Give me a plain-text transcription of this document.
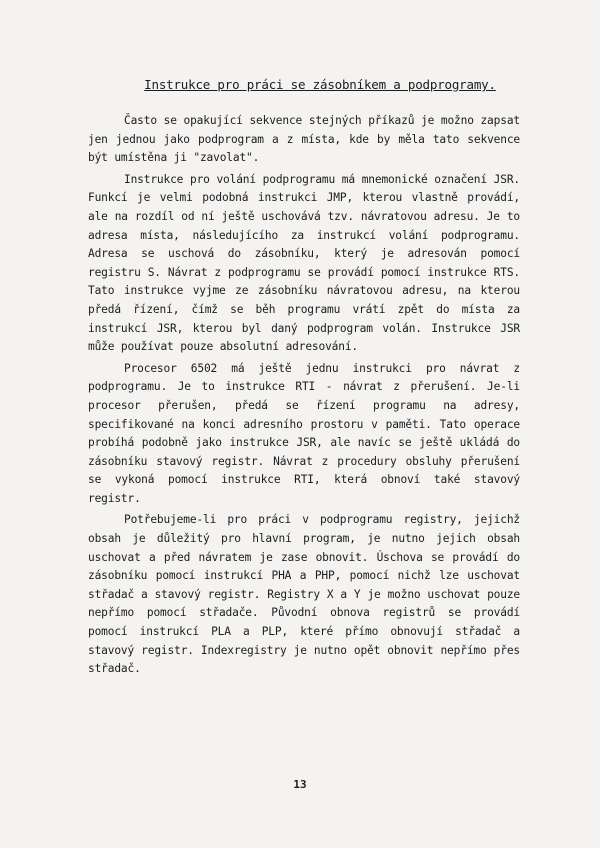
Instrukce pro práci se zásobníkem a podprogramy.

Často se opakující sekvence stejných příkazů je možno zapsat jen jednou jako podprogram a z místa, kde by měla tato sekvence být umístěna ji "zavolat".

Instrukce pro volání podprogramu má mnemonické označení JSR. Funkcí je velmi podobná instrukci JMP, kterou vlastně provádí, ale na rozdíl od ní ještě uschovává tzv. návratovou adresu. Je to adresa místa, následujícího za instrukcí volání podprogramu. Adresa se uschová do zásobníku, který je adresován pomocí registru S. Návrat z podprogramu se provádí pomocí instrukce RTS. Tato instrukce vyjme ze zásobníku návratovou adresu, na kterou předá řízení, čímž se běh programu vrátí zpět do místa za instrukcí JSR, kterou byl daný podprogram volán. Instrukce JSR může používat pouze absolutní adresování.

Procesor 6502 má ještě jednu instrukci pro návrat z podprogramu. Je to instrukce RTI - návrat z přerušení. Je-li procesor přerušen, předá se řízení programu na adresy, specifikované na konci adresního prostoru v paměti. Tato operace probíhá podobně jako instrukce JSR, ale navíc se ještě ukládá do zásobníku stavový registr. Návrat z procedury obsluhy přerušení se vykoná pomocí instrukce RTI, která obnoví také stavový registr.

Potřebujeme-li pro práci v podprogramu registry, jejichž obsah je důležitý pro hlavní program, je nutno jejich obsah uschovat a před návratem je zase obnovit. Úschova se provádí do zásobníku pomocí instrukcí PHA a PHP, pomocí nichž lze uschovat střadač a stavový registr. Registry X a Y je možno uschovat pouze nepřímo pomocí střadače. Původní obnova registrů se provádí pomocí instrukcí PLA a PLP, které přímo obnovují střadač a stavový registr. Indexregistry je nutno opět obnovit nepřímo přes střadač.

13
